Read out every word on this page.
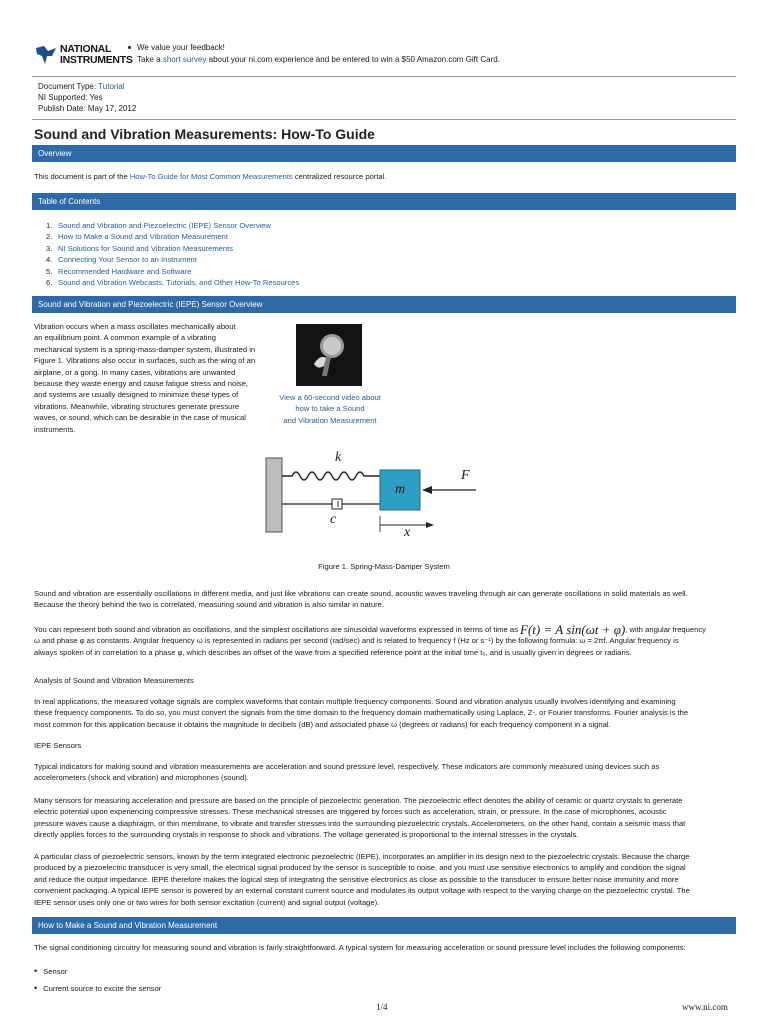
NATIONAL
INSTRUMENTS
We value your feedback!
Take a short survey about your ni.com experience and be entered to win a $50 Amazon.com Gift Card.
Document Type: Tutorial
NI Supported: Yes
Publish Date: May 17, 2012
Sound and Vibration Measurements: How-To Guide
Overview
This document is part of the How-To Guide for Most Common Measurements centralized resource portal.
Table of Contents
1. Sound and Vibration and Piezoelectric (IEPE) Sensor Overview
2. How to Make a Sound and Vibration Measurement
3. NI Solutions for Sound and Vibration Measurements
4. Connecting Your Sensor to an Instrument
5. Recommended Hardware and Software
6. Sound and Vibration Webcasts, Tutorials, and Other How-To Resources
Sound and Vibration and Piezoelectric (IEPE) Sensor Overview
Vibration occurs when a mass oscillates mechanically about
an equilibrium point. A common example of a vibrating
mechanical system is a spring-mass-damper system, illustrated in
Figure 1. Vibrations also occur in surfaces, such as the wing of an
airplane, or a gong. In many cases, vibrations are unwanted
because they waste energy and cause fatigue stress and noise,
and systems are usually designed to minimize these types of
vibrations. Meanwhile, vibrating structures generate pressure
waves, or sound, which can be desirable in the case of musical
instruments.
View a 60-second video about
how to take a Sound
and Vibration Measurement
k
m
F
c
x
Figure 1. Spring-Mass-Damper System
Sound and vibration are essentially oscillations in different media, and just like vibrations can create sound, acoustic waves traveling through air can generate oscillations in solid materials as well.
Because the theory behind the two is correlated, measuring sound and vibration is also similar in nature.
You can represent both sound and vibration as oscillations, and the simplest oscillations are sinusoidal waveforms expressed in terms of time as F(t) = A sin(ωt + φ), with angular frequency
ω and phase φ as constants. Angular frequency ω is represented in radians per second (rad/sec) and is related to frequency f (Hz or s⁻¹) by the following formula: ω = 2πf. Angular frequency is
always spoken of in correlation to a phase φ, which describes an offset of the wave from a specified reference point at the initial time t₀, and is usually given in degrees or radians.
Analysis of Sound and Vibration Measurements
In real applications, the measured voltage signals are complex waveforms that contain multiple frequency components. Sound and vibration analysis usually involves identifying and examining
these frequency components. To do so, you must convert the signals from the time domain to the frequency domain mathematically using Laplace, Z-, or Fourier transforms. Fourier analysis is the
most common for this application because it obtains the magnitude in decibels (dB) and associated phase ω (degrees or radians) for each frequency component in a signal.
IEPE Sensors
Typical indicators for making sound and vibration measurements are acceleration and sound pressure level, respectively. These indicators are commonly measured using devices such as
accelerometers (shock and vibration) and microphones (sound).
Many sensors for measuring acceleration and pressure are based on the principle of piezoelectric generation. The piezoelectric effect denotes the ability of ceramic or quartz crystals to generate
electric potential upon experiencing compressive stresses. These mechanical stresses are triggered by forces such as acceleration, strain, or pressure. In the case of microphones, acoustic
pressure waves cause a diaphragm, or thin membrane, to vibrate and transfer stresses into the surrounding piezoelectric crystals. Accelerometers, on the other hand, contain a seismic mass that
directly applies forces to the surrounding crystals in response to shock and vibrations. The voltage generated is proportional to the internal stresses in the crystals.
A particular class of piezoelectric sensors, known by the term integrated electronic piezoelectric (IEPE), incorporates an amplifier in its design next to the piezoelectric crystals. Because the charge
produced by a piezoelectric transducer is very small, the electrical signal produced by the sensor is susceptible to noise, and you must use sensitive electronics to amplify and condition the signal
and reduce the output impedance. IEPE therefore makes the logical step of integrating the sensitive electronics as close as possible to the transducer to ensure better noise immunity and more
convenient packaging. A typical IEPE sensor is powered by an external constant current source and modulates its output voltage with respect to the varying charge on the piezoelectric crystal. The
IEPE sensor uses only one or two wires for both sensor excitation (current) and signal output (voltage).
How to Make a Sound and Vibration Measurement
The signal conditioning circuitry for measuring sound and vibration is fairly straightforward. A typical system for measuring acceleration or sound pressure level includes the following components:
• Sensor
• Current source to excite the sensor
1/4	www.ni.com
